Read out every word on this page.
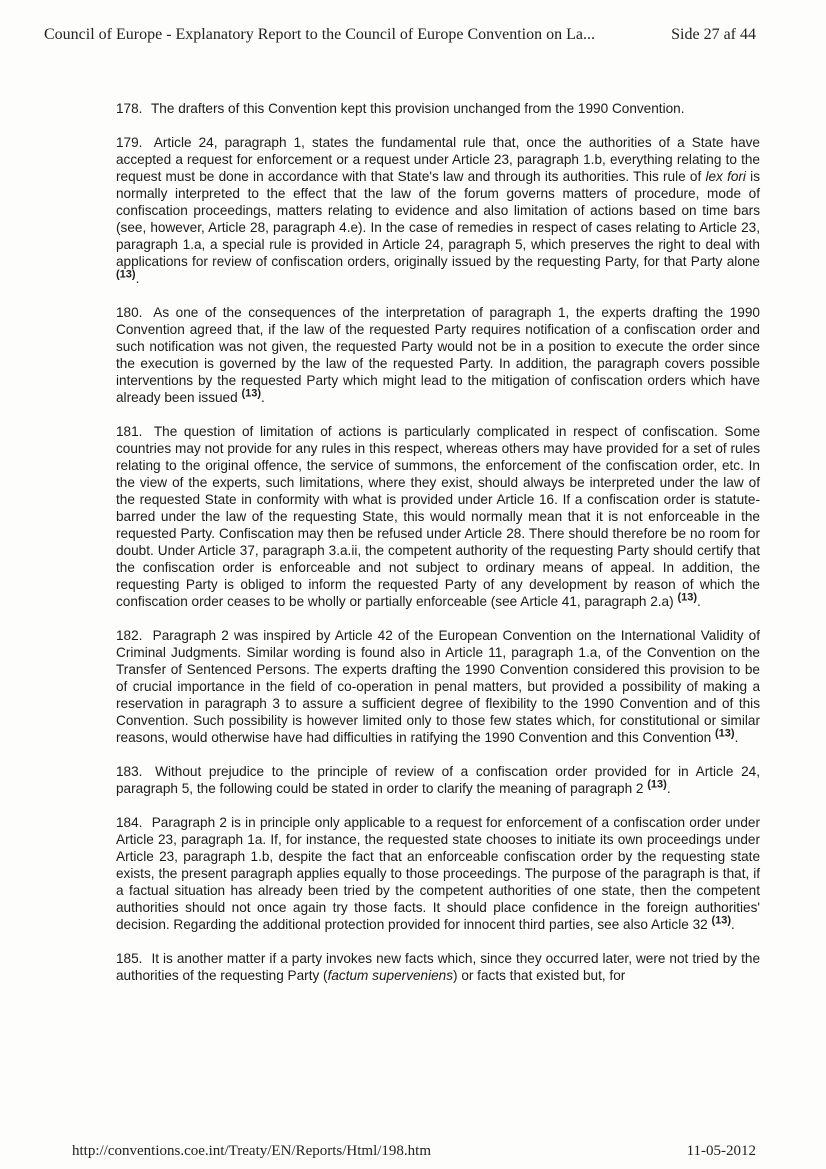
Council of Europe - Explanatory Report to the Council of Europe Convention on La...	Side 27 af 44

178. The drafters of this Convention kept this provision unchanged from the 1990 Convention.

179. Article 24, paragraph 1, states the fundamental rule that, once the authorities of a State have accepted a request for enforcement or a request under Article 23, paragraph 1.b, everything relating to the request must be done in accordance with that State's law and through its authorities. This rule of lex fori is normally interpreted to the effect that the law of the forum governs matters of procedure, mode of confiscation proceedings, matters relating to evidence and also limitation of actions based on time bars (see, however, Article 28, paragraph 4.e). In the case of remedies in respect of cases relating to Article 23, paragraph 1.a, a special rule is provided in Article 24, paragraph 5, which preserves the right to deal with applications for review of confiscation orders, originally issued by the requesting Party, for that Party alone $^{(13)}$.

180. As one of the consequences of the interpretation of paragraph 1, the experts drafting the 1990 Convention agreed that, if the law of the requested Party requires notification of a confiscation order and such notification was not given, the requested Party would not be in a position to execute the order since the execution is governed by the law of the requested Party. In addition, the paragraph covers possible interventions by the requested Party which might lead to the mitigation of confiscation orders which have already been issued $^{(13)}$.

181. The question of limitation of actions is particularly complicated in respect of confiscation. Some countries may not provide for any rules in this respect, whereas others may have provided for a set of rules relating to the original offence, the service of summons, the enforcement of the confiscation order, etc. In the view of the experts, such limitations, where they exist, should always be interpreted under the law of the requested State in conformity with what is provided under Article 16. If a confiscation order is statute-barred under the law of the requesting State, this would normally mean that it is not enforceable in the requested Party. Confiscation may then be refused under Article 28. There should therefore be no room for doubt. Under Article 37, paragraph 3.a.ii, the competent authority of the requesting Party should certify that the confiscation order is enforceable and not subject to ordinary means of appeal. In addition, the requesting Party is obliged to inform the requested Party of any development by reason of which the confiscation order ceases to be wholly or partially enforceable (see Article 41, paragraph 2.a) $^{(13)}$.

182. Paragraph 2 was inspired by Article 42 of the European Convention on the International Validity of Criminal Judgments. Similar wording is found also in Article 11, paragraph 1.a, of the Convention on the Transfer of Sentenced Persons. The experts drafting the 1990 Convention considered this provision to be of crucial importance in the field of co-operation in penal matters, but provided a possibility of making a reservation in paragraph 3 to assure a sufficient degree of flexibility to the 1990 Convention and of this Convention. Such possibility is however limited only to those few states which, for constitutional or similar reasons, would otherwise have had difficulties in ratifying the 1990 Convention and this Convention $^{(13)}$.

183. Without prejudice to the principle of review of a confiscation order provided for in Article 24, paragraph 5, the following could be stated in order to clarify the meaning of paragraph 2 $^{(13)}$.

184. Paragraph 2 is in principle only applicable to a request for enforcement of a confiscation order under Article 23, paragraph 1a. If, for instance, the requested state chooses to initiate its own proceedings under Article 23, paragraph 1.b, despite the fact that an enforceable confiscation order by the requesting state exists, the present paragraph applies equally to those proceedings. The purpose of the paragraph is that, if a factual situation has already been tried by the competent authorities of one state, then the competent authorities should not once again try those facts. It should place confidence in the foreign authorities' decision. Regarding the additional protection provided for innocent third parties, see also Article 32 $^{(13)}$.

185. It is another matter if a party invokes new facts which, since they occurred later, were not tried by the authorities of the requesting Party (factum superveniens) or facts that existed but, for

http://conventions.coe.int/Treaty/EN/Reports/Html/198.htm	11-05-2012
